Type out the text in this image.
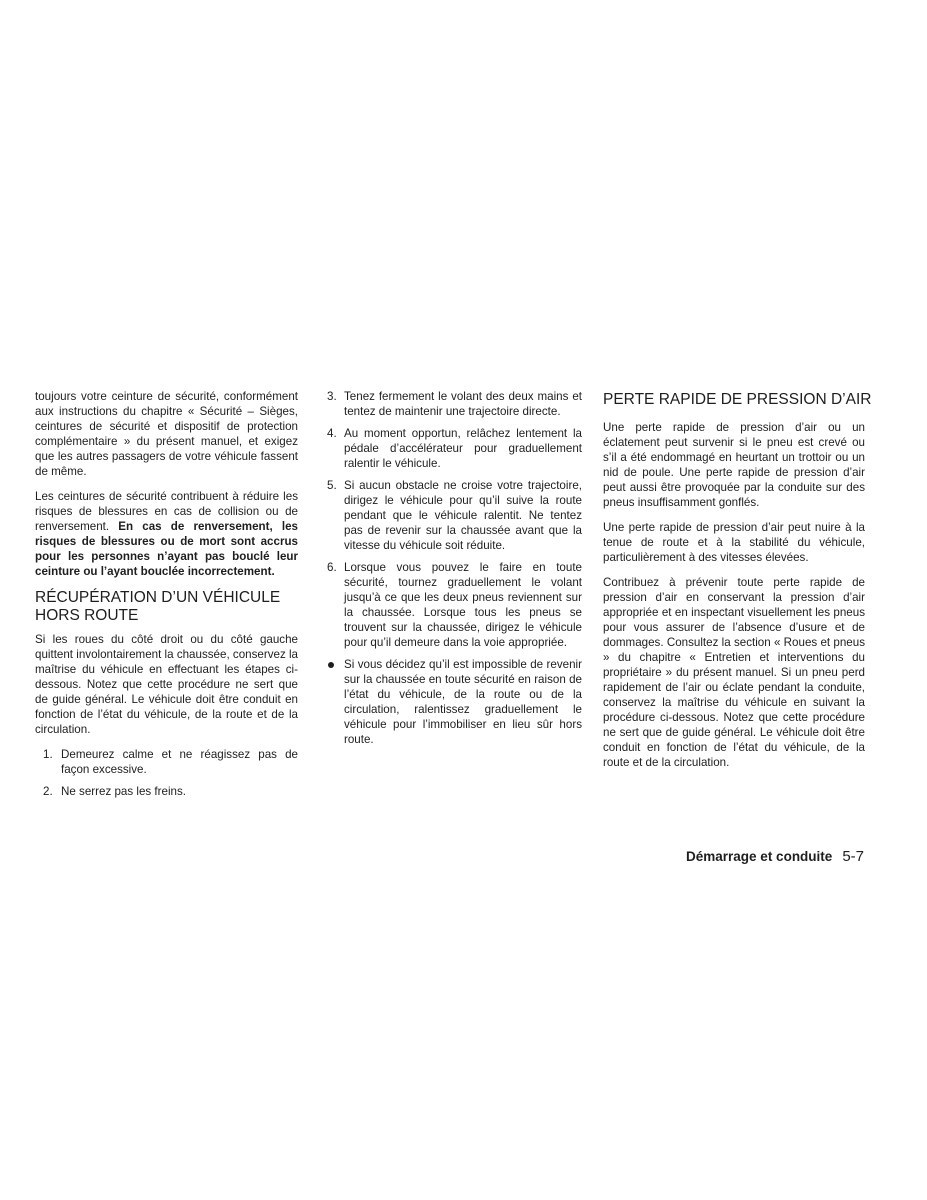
toujours votre ceinture de sécurité, conformément aux instructions du chapitre « Sécurité – Sièges, ceintures de sécurité et dispositif de protection complémentaire » du présent manuel, et exigez que les autres passagers de votre véhicule fassent de même.

Les ceintures de sécurité contribuent à réduire les risques de blessures en cas de collision ou de renversement. En cas de renversement, les risques de blessures ou de mort sont accrus pour les personnes n’ayant pas bouclé leur ceinture ou l’ayant bouclée incorrectement.

RÉCUPÉRATION D’UN VÉHICULE HORS ROUTE

Si les roues du côté droit ou du côté gauche quittent involontairement la chaussée, conservez la maîtrise du véhicule en effectuant les étapes ci-dessous. Notez que cette procédure ne sert que de guide général. Le véhicule doit être conduit en fonction de l’état du véhicule, de la route et de la circulation.

1. Demeurez calme et ne réagissez pas de façon excessive.
2. Ne serrez pas les freins.
3. Tenez fermement le volant des deux mains et tentez de maintenir une trajectoire directe.
4. Au moment opportun, relâchez lentement la pédale d’accélérateur pour graduellement ralentir le véhicule.
5. Si aucun obstacle ne croise votre trajectoire, dirigez le véhicule pour qu’il suive la route pendant que le véhicule ralentit. Ne tentez pas de revenir sur la chaussée avant que la vitesse du véhicule soit réduite.
6. Lorsque vous pouvez le faire en toute sécurité, tournez graduellement le volant jusqu’à ce que les deux pneus reviennent sur la chaussée. Lorsque tous les pneus se trouvent sur la chaussée, dirigez le véhicule pour qu’il demeure dans la voie appropriée.
Si vous décidez qu’il est impossible de revenir sur la chaussée en toute sécurité en raison de l’état du véhicule, de la route ou de la circulation, ralentissez graduellement le véhicule pour l’immobiliser en lieu sûr hors route.
PERTE RAPIDE DE PRESSION D’AIR

Une perte rapide de pression d’air ou un éclatement peut survenir si le pneu est crevé ou s’il a été endommagé en heurtant un trottoir ou un nid de poule. Une perte rapide de pression d’air peut aussi être provoquée par la conduite sur des pneus insuffisamment gonflés.

Une perte rapide de pression d’air peut nuire à la tenue de route et à la stabilité du véhicule, particulièrement à des vitesses élevées.

Contribuez à prévenir toute perte rapide de pression d’air en conservant la pression d’air appropriée et en inspectant visuellement les pneus pour vous assurer de l’absence d’usure et de dommages. Consultez la section « Roues et pneus » du chapitre « Entretien et interventions du propriétaire » du présent manuel. Si un pneu perd rapidement de l’air ou éclate pendant la conduite, conservez la maîtrise du véhicule en suivant la procédure ci-dessous. Notez que cette procédure ne sert que de guide général. Le véhicule doit être conduit en fonction de l’état du véhicule, de la route et de la circulation.

Démarrage et conduite 5-7
